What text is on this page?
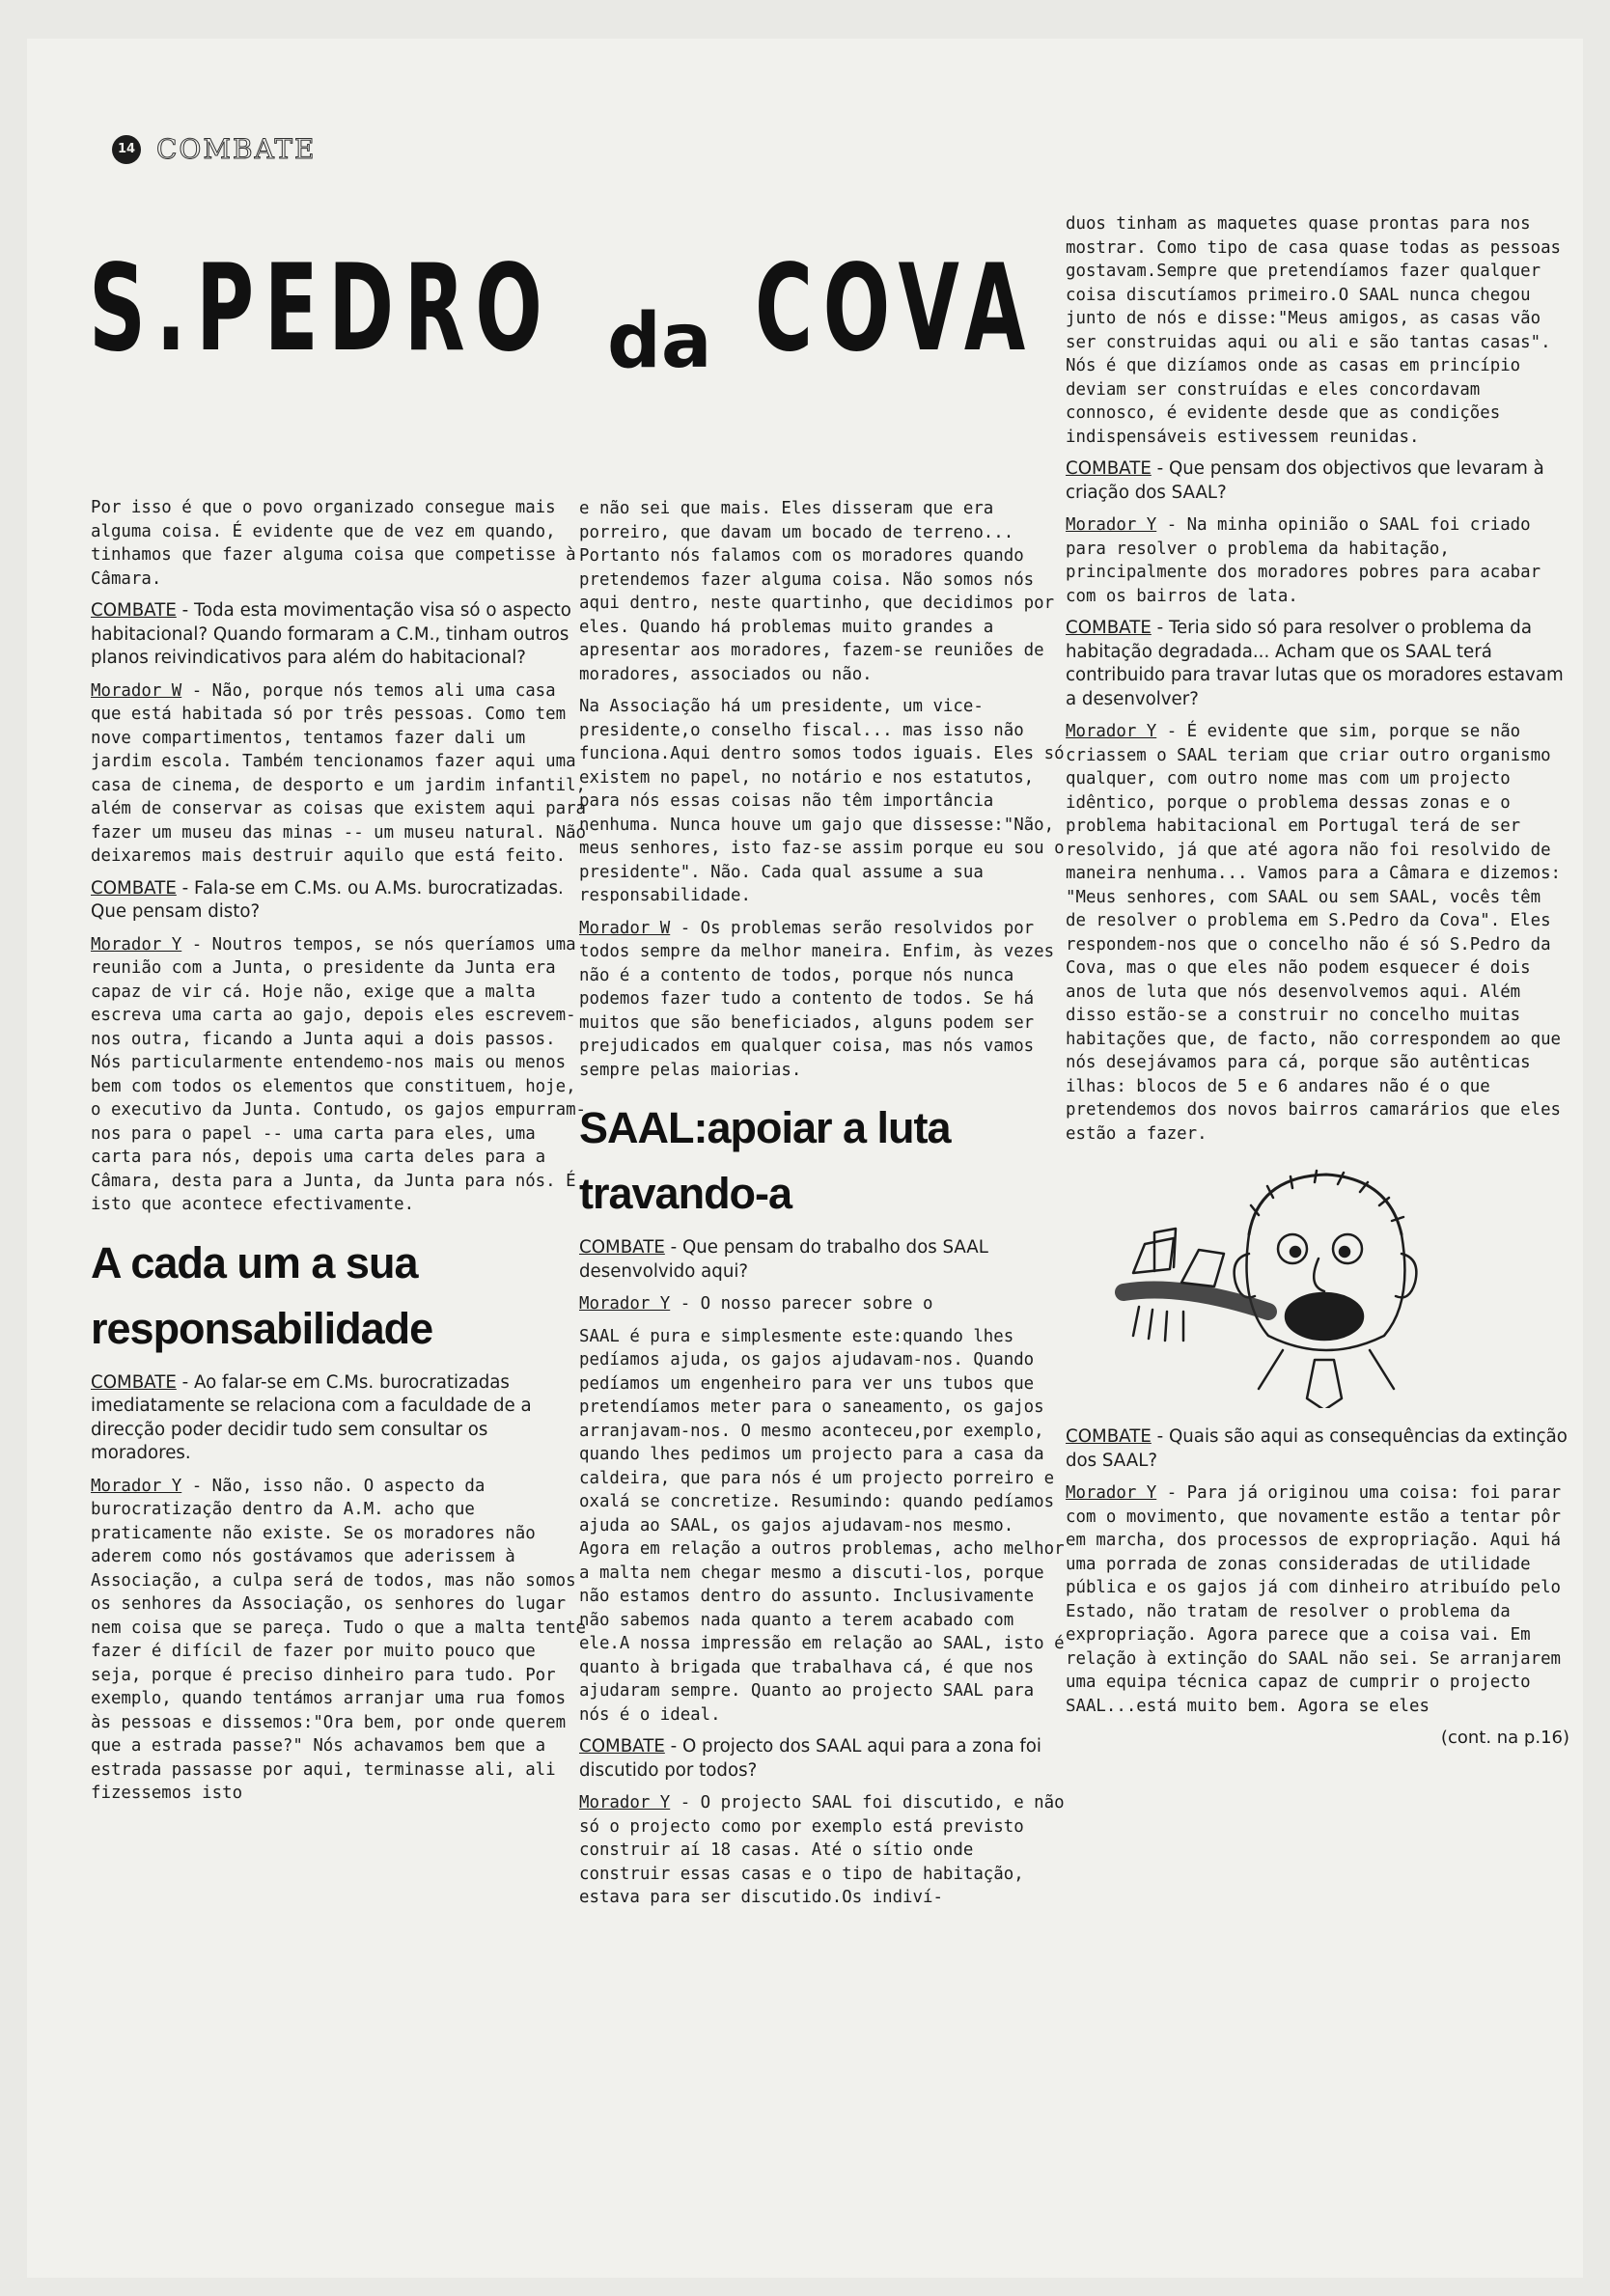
14 COMBATE
S.PEDRO da COVA

Por isso é que o povo organizado consegue mais alguma coisa. É evidente que de vez em quando, tinhamos que fazer alguma coisa que competisse à Câmara.

COMBATE - Toda esta movimentação visa só o aspecto habitacional? Quando formaram a C.M., tinham outros planos reivindicativos para além do habitacional?

Morador W - Não, porque nós temos ali uma casa que está habitada só por três pessoas. Como tem nove compartimentos, tentamos fazer dali um jardim escola. Também tencionamos fazer aqui uma casa de cinema, de desporto e um jardim infantil, além de conservar as coisas que existem aqui para fazer um museu das minas -- um museu natural. Não deixaremos mais destruir aquilo que está feito.

COMBATE - Fala-se em C.Ms. ou A.Ms. burocratizadas. Que pensam disto?

Morador Y - Noutros tempos, se nós queríamos uma reunião com a Junta, o presidente da Junta era capaz de vir cá. Hoje não, exige que a malta escreva uma carta ao gajo, depois eles escrevem-nos outra, ficando a Junta aqui a dois passos. Nós particularmente entendemo-nos mais ou menos bem com todos os elementos que constituem, hoje, o executivo da Junta. Contudo, os gajos empurram-nos para o papel -- uma carta para eles, uma carta para nós, depois uma carta deles para a Câmara, desta para a Junta, da Junta para nós. É isto que acontece efectivamente.

A cada um a sua responsabilidade

COMBATE - Ao falar-se em C.Ms. burocratizadas imediatamente se relaciona com a faculdade de a direcção poder decidir tudo sem consultar os moradores.

Morador Y - Não, isso não. O aspecto da burocratização dentro da A.M. acho que praticamente não existe. Se os moradores não aderem como nós gostávamos que aderissem à Associação, a culpa será de todos, mas não somos os senhores da Associação, os senhores do lugar nem coisa que se pareça. Tudo o que a malta tente fazer é difícil de fazer por muito pouco que seja, porque é preciso dinheiro para tudo. Por exemplo, quando tentámos arranjar uma rua fomos às pessoas e dissemos:"Ora bem, por onde querem que a estrada passe?" Nós achavamos bem que a estrada passasse por aqui, terminasse ali, ali fizessemos isto

e não sei que mais. Eles disseram que era porreiro, que davam um bocado de terreno... Portanto nós falamos com os moradores quando pretendemos fazer alguma coisa. Não somos nós aqui dentro, neste quartinho, que decidimos por eles. Quando há problemas muito grandes a apresentar aos moradores, fazem-se reuniões de moradores, associados ou não.

Na Associação há um presidente, um vice-presidente,o conselho fiscal... mas isso não funciona.Aqui dentro somos todos iguais. Eles só existem no papel, no notário e nos estatutos, para nós essas coisas não têm importância nenhuma. Nunca houve um gajo que dissesse:"Não, meus senhores, isto faz-se assim porque eu sou o presidente". Não. Cada qual assume a sua responsabilidade.

Morador W - Os problemas serão resolvidos por todos sempre da melhor maneira. Enfim, às vezes não é a contento de todos, porque nós nunca podemos fazer tudo a contento de todos. Se há muitos que são beneficiados, alguns podem ser prejudicados em qualquer coisa, mas nós vamos sempre pelas maiorias.

SAAL:apoiar a luta travando-a

COMBATE - Que pensam do trabalho dos SAAL desenvolvido aqui?

Morador Y - O nosso parecer sobre o

SAAL é pura e simplesmente este:quando lhes pedíamos ajuda, os gajos ajudavam-nos. Quando pedíamos um engenheiro para ver uns tubos que pretendíamos meter para o saneamento, os gajos arranjavam-nos. O mesmo aconteceu,por exemplo, quando lhes pedimos um projecto para a casa da caldeira, que para nós é um projecto porreiro e oxalá se concretize. Resumindo: quando pedíamos ajuda ao SAAL, os gajos ajudavam-nos mesmo. Agora em relação a outros problemas, acho melhor a malta nem chegar mesmo a discuti-los, porque não estamos dentro do assunto. Inclusivamente não sabemos nada quanto a terem acabado com ele.A nossa impressão em relação ao SAAL, isto é quanto à brigada que trabalhava cá, é que nos ajudaram sempre. Quanto ao projecto SAAL para nós é o ideal.

COMBATE - O projecto dos SAAL aqui para a zona foi discutido por todos?

Morador Y - O projecto SAAL foi discutido, e não só o projecto como por exemplo está previsto construir aí 18 casas. Até o sítio onde construir essas casas e o tipo de habitação, estava para ser discutido.Os indiví-

duos tinham as maquetes quase prontas para nos mostrar. Como tipo de casa quase todas as pessoas gostavam.Sempre que pretendíamos fazer qualquer coisa discutíamos primeiro.O SAAL nunca chegou junto de nós e disse:"Meus amigos, as casas vão ser construidas aqui ou ali e são tantas casas". Nós é que dizíamos onde as casas em princípio deviam ser construídas e eles concordavam connosco, é evidente desde que as condições indispensáveis estivessem reunidas.

COMBATE - Que pensam dos objectivos que levaram à criação dos SAAL?

Morador Y - Na minha opinião o SAAL foi criado para resolver o problema da habitação, principalmente dos moradores pobres para acabar com os bairros de lata.

COMBATE - Teria sido só para resolver o problema da habitação degradada... Acham que os SAAL terá contribuido para travar lutas que os moradores estavam a desenvolver?

Morador Y - É evidente que sim, porque se não criassem o SAAL teriam que criar outro organismo qualquer, com outro nome mas com um projecto idêntico, porque o problema dessas zonas e o problema habitacional em Portugal terá de ser resolvido, já que até agora não foi resolvido de maneira nenhuma... Vamos para a Câmara e dizemos: "Meus senhores, com SAAL ou sem SAAL, vocês têm de resolver o problema em S.Pedro da Cova". Eles respondem-nos que o concelho não é só S.Pedro da Cova, mas o que eles não podem esquecer é dois anos de luta que nós desenvolvemos aqui. Além disso estão-se a construir no concelho muitas habitações que, de facto, não correspondem ao que nós desejávamos para cá, porque são autênticas ilhas: blocos de 5 e 6 andares não é o que pretendemos dos novos bairros camarários que eles estão a fazer.

COMBATE - Quais são aqui as consequências da extinção dos SAAL?

Morador Y - Para já originou uma coisa: foi parar com o movimento, que novamente estão a tentar pôr em marcha, dos processos de expropriação. Aqui há uma porrada de zonas consideradas de utilidade pública e os gajos já com dinheiro atribuído pelo Estado, não tratam de resolver o problema da expropriação. Agora parece que a coisa vai. Em relação à extinção do SAAL não sei. Se arranjarem uma equipa técnica capaz de cumprir o projecto SAAL...está muito bem. Agora se eles

(cont. na p.16)
